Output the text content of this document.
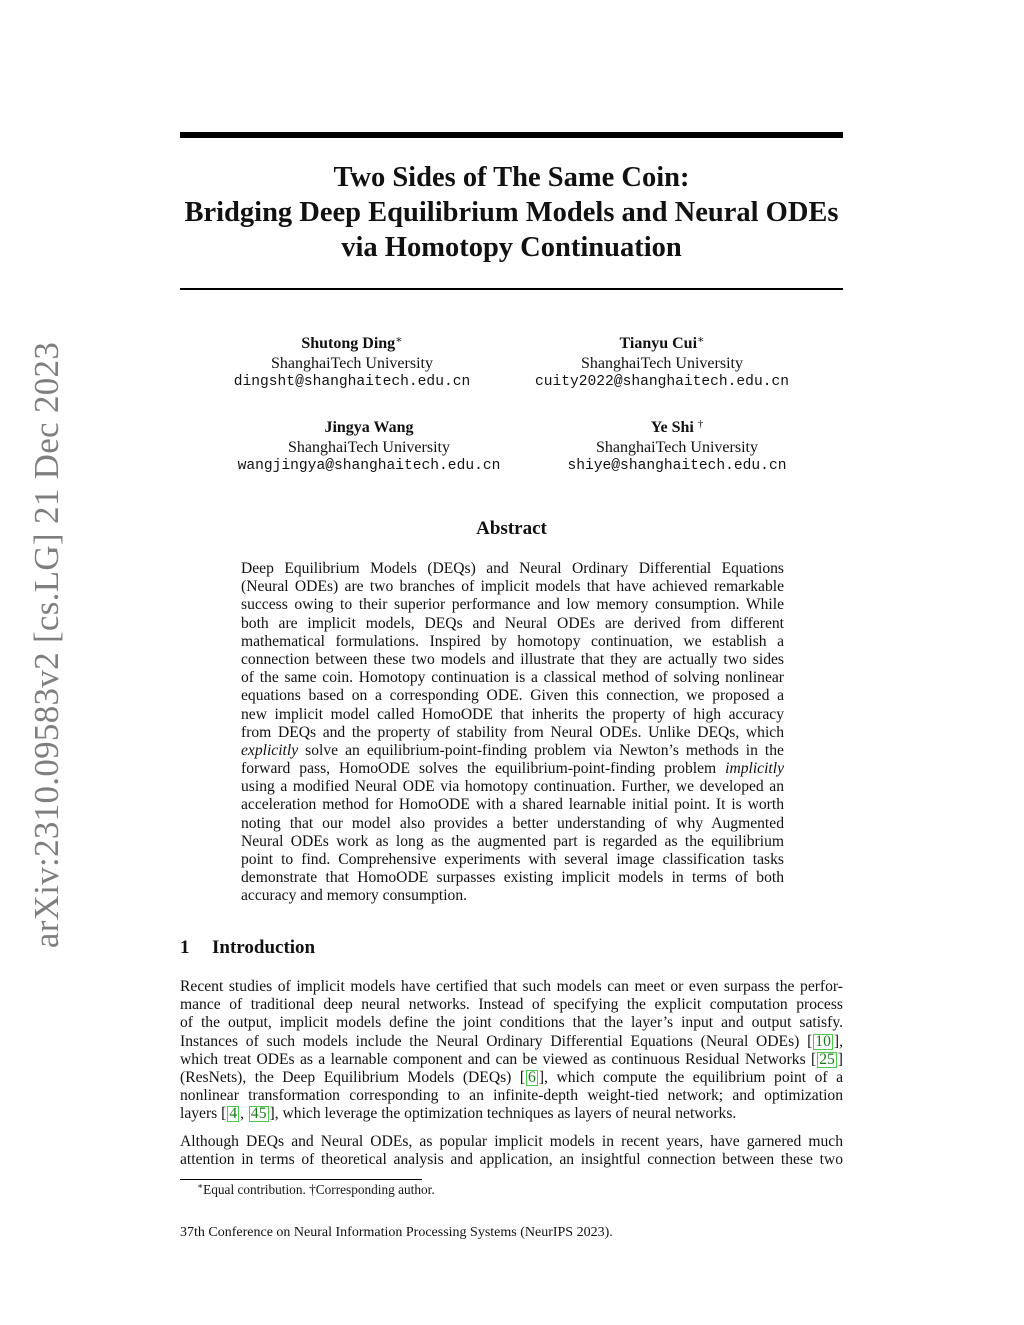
arXiv:2310.09583v2 [cs.LG] 21 Dec 2023
Two Sides of The Same Coin:
Bridging Deep Equilibrium Models and Neural ODEs
via Homotopy Continuation
Shutong Ding∗
ShanghaiTech University
dingsht@shanghaitech.edu.cn
Tianyu Cui∗
ShanghaiTech University
cuity2022@shanghaitech.edu.cn
Jingya Wang
ShanghaiTech University
wangjingya@shanghaitech.edu.cn
Ye Shi †
ShanghaiTech University
shiye@shanghaitech.edu.cn
Abstract
Deep Equilibrium Models (DEQs) and Neural Ordinary Differential Equations
(Neural ODEs) are two branches of implicit models that have achieved remarkable
success owing to their superior performance and low memory consumption. While
both are implicit models, DEQs and Neural ODEs are derived from different
mathematical formulations. Inspired by homotopy continuation, we establish a
connection between these two models and illustrate that they are actually two sides
of the same coin. Homotopy continuation is a classical method of solving nonlinear
equations based on a corresponding ODE. Given this connection, we proposed a
new implicit model called HomoODE that inherits the property of high accuracy
from DEQs and the property of stability from Neural ODEs. Unlike DEQs, which
explicitly solve an equilibrium-point-finding problem via Newton’s methods in the
forward pass, HomoODE solves the equilibrium-point-finding problem implicitly
using a modified Neural ODE via homotopy continuation. Further, we developed an
acceleration method for HomoODE with a shared learnable initial point. It is worth
noting that our model also provides a better understanding of why Augmented
Neural ODEs work as long as the augmented part is regarded as the equilibrium
point to find. Comprehensive experiments with several image classification tasks
demonstrate that HomoODE surpasses existing implicit models in terms of both
accuracy and memory consumption.
1 Introduction
Recent studies of implicit models have certified that such models can meet or even surpass the perfor-
mance of traditional deep neural networks. Instead of specifying the explicit computation process
of the output, implicit models define the joint conditions that the layer’s input and output satisfy.
Instances of such models include the Neural Ordinary Differential Equations (Neural ODEs) [ 10 ],
which treat ODEs as a learnable component and can be viewed as continuous Residual Networks [ 25 ]
(ResNets), the Deep Equilibrium Models (DEQs) [ 6 ], which compute the equilibrium point of a
nonlinear transformation corresponding to an infinite-depth weight-tied network; and optimization
layers [ 4 , 45 ], which leverage the optimization techniques as layers of neural networks.
Although DEQs and Neural ODEs, as popular implicit models in recent years, have garnered much
attention in terms of theoretical analysis and application, an insightful connection between these two
∗Equal contribution. †Corresponding author.
37th Conference on Neural Information Processing Systems (NeurIPS 2023).
